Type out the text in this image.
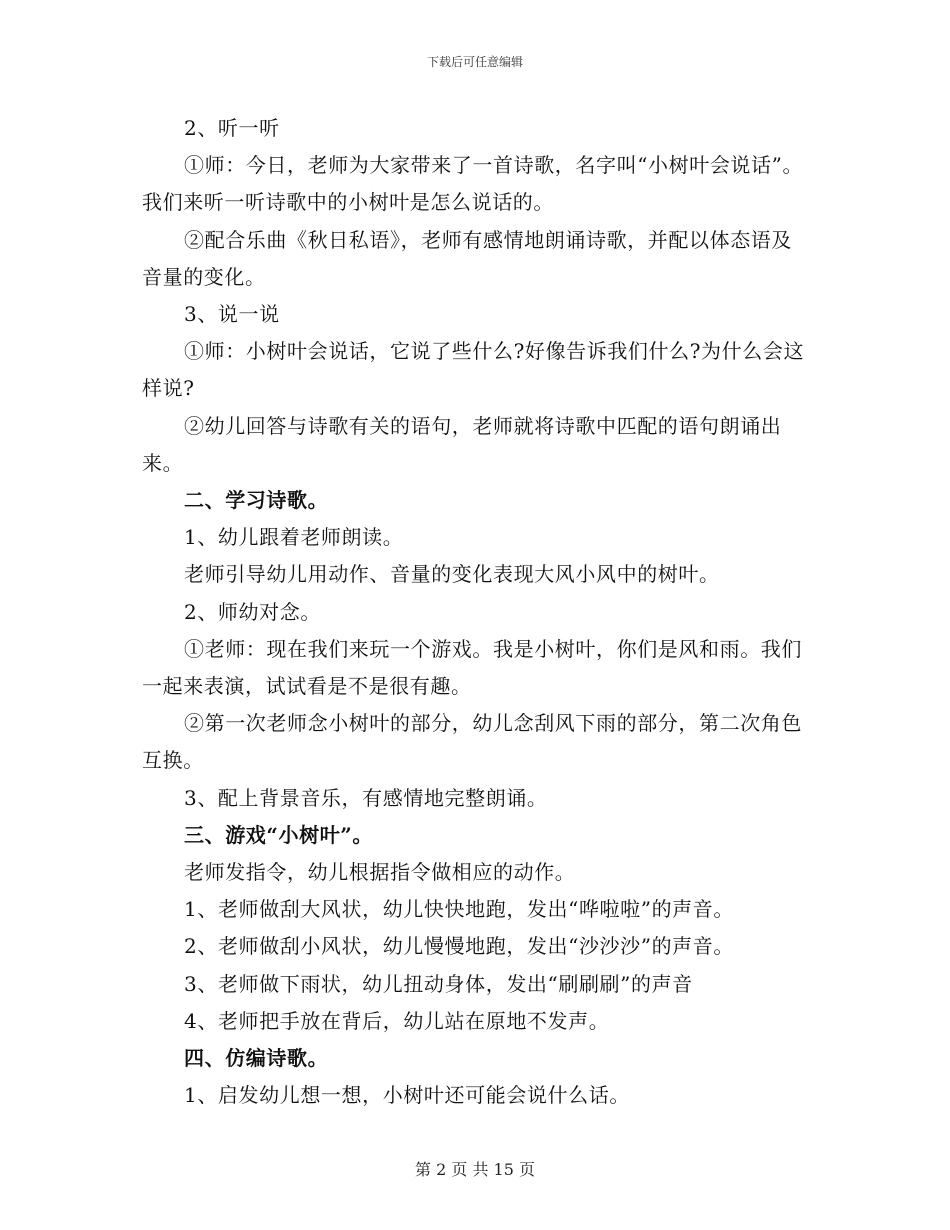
下载后可任意编辑

2、听一听

①师：今日，老师为大家带来了一首诗歌，名字叫“小树叶会说话”。我们来听一听诗歌中的小树叶是怎么说话的。

②配合乐曲《秋日私语》，老师有感情地朗诵诗歌，并配以体态语及音量的变化。

3、说一说

①师：小树叶会说话，它说了些什么?好像告诉我们什么?为什么会这样说?

②幼儿回答与诗歌有关的语句，老师就将诗歌中匹配的语句朗诵出来。

二、学习诗歌。

1、幼儿跟着老师朗读。

老师引导幼儿用动作、音量的变化表现大风小风中的树叶。

2、师幼对念。

①老师：现在我们来玩一个游戏。我是小树叶，你们是风和雨。我们一起来表演，试试看是不是很有趣。

②第一次老师念小树叶的部分，幼儿念刮风下雨的部分，第二次角色互换。

3、配上背景音乐，有感情地完整朗诵。

三、游戏“小树叶”。

老师发指令，幼儿根据指令做相应的动作。

1、老师做刮大风状，幼儿快快地跑，发出“哗啦啦”的声音。

2、老师做刮小风状，幼儿慢慢地跑，发出“沙沙沙”的声音。

3、老师做下雨状，幼儿扭动身体，发出“刷刷刷”的声音

4、老师把手放在背后，幼儿站在原地不发声。

四、仿编诗歌。

1、启发幼儿想一想，小树叶还可能会说什么话。

第 2 页 共 15 页
